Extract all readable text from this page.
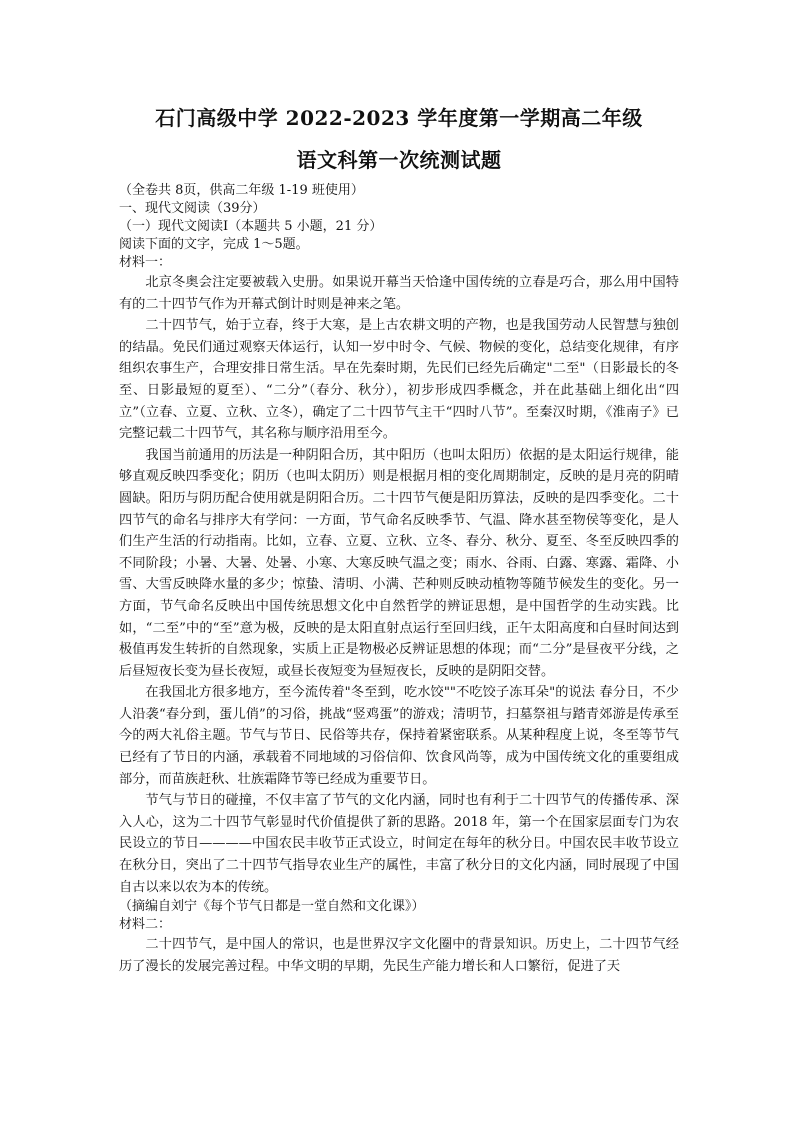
石门高级中学 2022-2023 学年度第一学期高二年级
语文科第一次统测试题

（全卷共 8页，供高二年级 1-19 班使用）

一、现代文阅读（39分）

（一）现代文阅读Ⅰ（本题共 5 小题，21 分）

阅读下面的文字，完成 1～5题。

材料一：

北京冬奥会注定要被载入史册。如果说开幕当天恰逢中国传统的立春是巧合，那么用中国特有的二十四节气作为开幕式倒计时则是神来之笔。

二十四节气，始于立春，终于大寒，是上古农耕文明的产物，也是我国劳动人民智慧与独创的结晶。免民们通过观察天体运行，认知一岁中时令、气候、物候的变化，总结变化规律，有序组织农事生产，合理安排日常生活。早在先秦时期，先民们已经先后确定"二至"（日影最长的冬至、日影最短的夏至）、“二分”（春分、秋分），初步形成四季概念，并在此基础上细化出“四立”（立春、立夏、立秋、立冬），确定了二十四节气主干“四时八节”。至秦汉时期，《淮南子》已完整记载二十四节气，其名称与顺序沿用至今。

我国当前通用的历法是一种阴阳合历，其中阳历（也叫太阳历）依据的是太阳运行规律，能够直观反映四季变化；阴历（也叫太阴历）则是根据月相的变化周期制定，反映的是月亮的阴晴圆缺。阳历与阴历配合使用就是阴阳合历。二十四节气便是阳历算法，反映的是四季变化。二十四节气的命名与排序大有学问：一方面，节气命名反映季节、气温、降水甚至物侯等变化，是人们生产生活的行动指南。比如，立春、立夏、立秋、立冬、春分、秋分、夏至、冬至反映四季的不同阶段；小暑、大暑、处暑、小寒、大寒反映气温之变；雨水、谷雨、白露、寒露、霜降、小雪、大雪反映降水量的多少；惊蛰、清明、小满、芒种则反映动植物等随节候发生的变化。另一方面，节气命名反映出中国传统思想文化中自然哲学的辨证思想，是中国哲学的生动实践。比如，“二至”中的“至”意为极，反映的是太阳直射点运行至回归线，正午太阳高度和白昼时间达到极值再发生转折的自然现象，实质上正是物极必反辨证思想的体现；而“二分”是昼夜平分线，之后昼短夜长变为昼长夜短，或昼长夜短变为昼短夜长，反映的是阴阳交替。

在我国北方很多地方，至今流传着"冬至到，吃水饺""不吃饺子冻耳朵"的说法 春分日，不少人沿袭“春分到，蛋儿俏”的习俗，挑战“竖鸡蛋”的游戏；清明节，扫墓祭祖与踏青郊游是传承至今的两大礼俗主题。节气与节日、民俗等共存，保持着紧密联系。从某种程度上说，冬至等节气已经有了节日的内涵，承载着不同地域的习俗信仰、饮食风尚等，成为中国传统文化的重要组成部分，而苗族赶秋、壮族霜降节等已经成为重要节日。

节气与节日的碰撞，不仅丰富了节气的文化内涵，同时也有利于二十四节气的传播传承、深入人心，这为二十四节气彰显时代价值提供了新的思路。2018 年，第一个在国家层面专门为农民设立的节日————中国农民丰收节正式设立，时间定在每年的秋分日。中国农民丰收节设立在秋分日，突出了二十四节气指导农业生产的属性，丰富了秋分日的文化内涵，同时展现了中国自古以来以农为本的传统。

（摘编自刘宁《每个节气日都是一堂自然和文化课》）

材料二：

二十四节气，是中国人的常识，也是世界汉字文化圈中的背景知识。历史上，二十四节气经历了漫长的发展完善过程。中华文明的早期，先民生产能力增长和人口繁衍，促进了天
